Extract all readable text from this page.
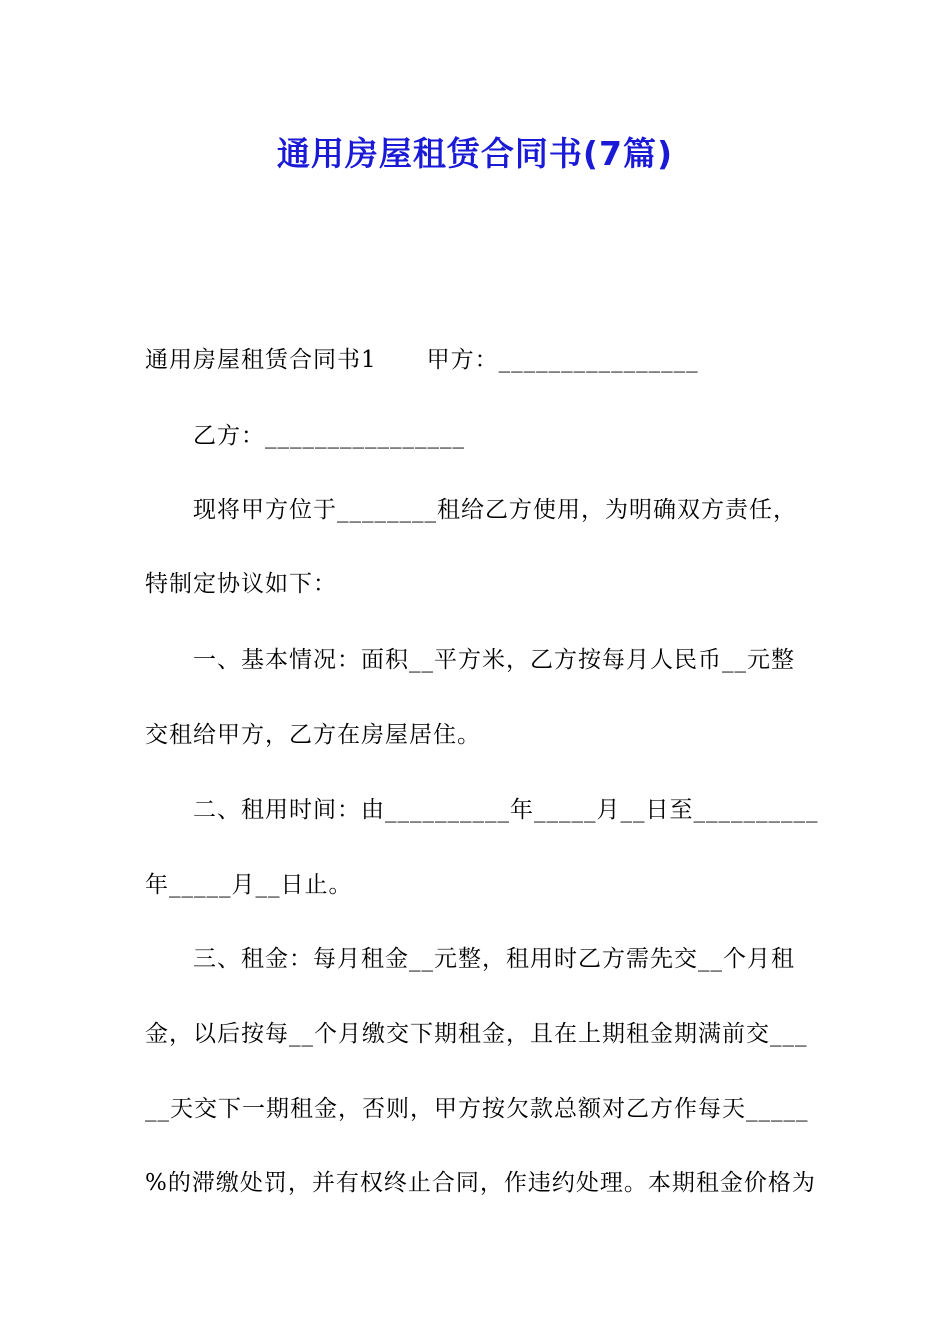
通用房屋租赁合同书(7篇)
通用房屋租赁合同书1 甲方：________________
乙方：________________
现将甲方位于________租给乙方使用，为明确双方责任，
特制定协议如下：
一、基本情况：面积__平方米，乙方按每月人民币__元整
交租给甲方，乙方在房屋居住。
二、租用时间：由__________年_____月__日至__________
年_____月__日止。
三、租金：每月租金__元整，租用时乙方需先交__个月租
金，以后按每__个月缴交下期租金，且在上期租金期满前交___
__天交下一期租金，否则，甲方按欠款总额对乙方作每天_____
%的滞缴处罚，并有权终止合同，作违约处理。本期租金价格为
